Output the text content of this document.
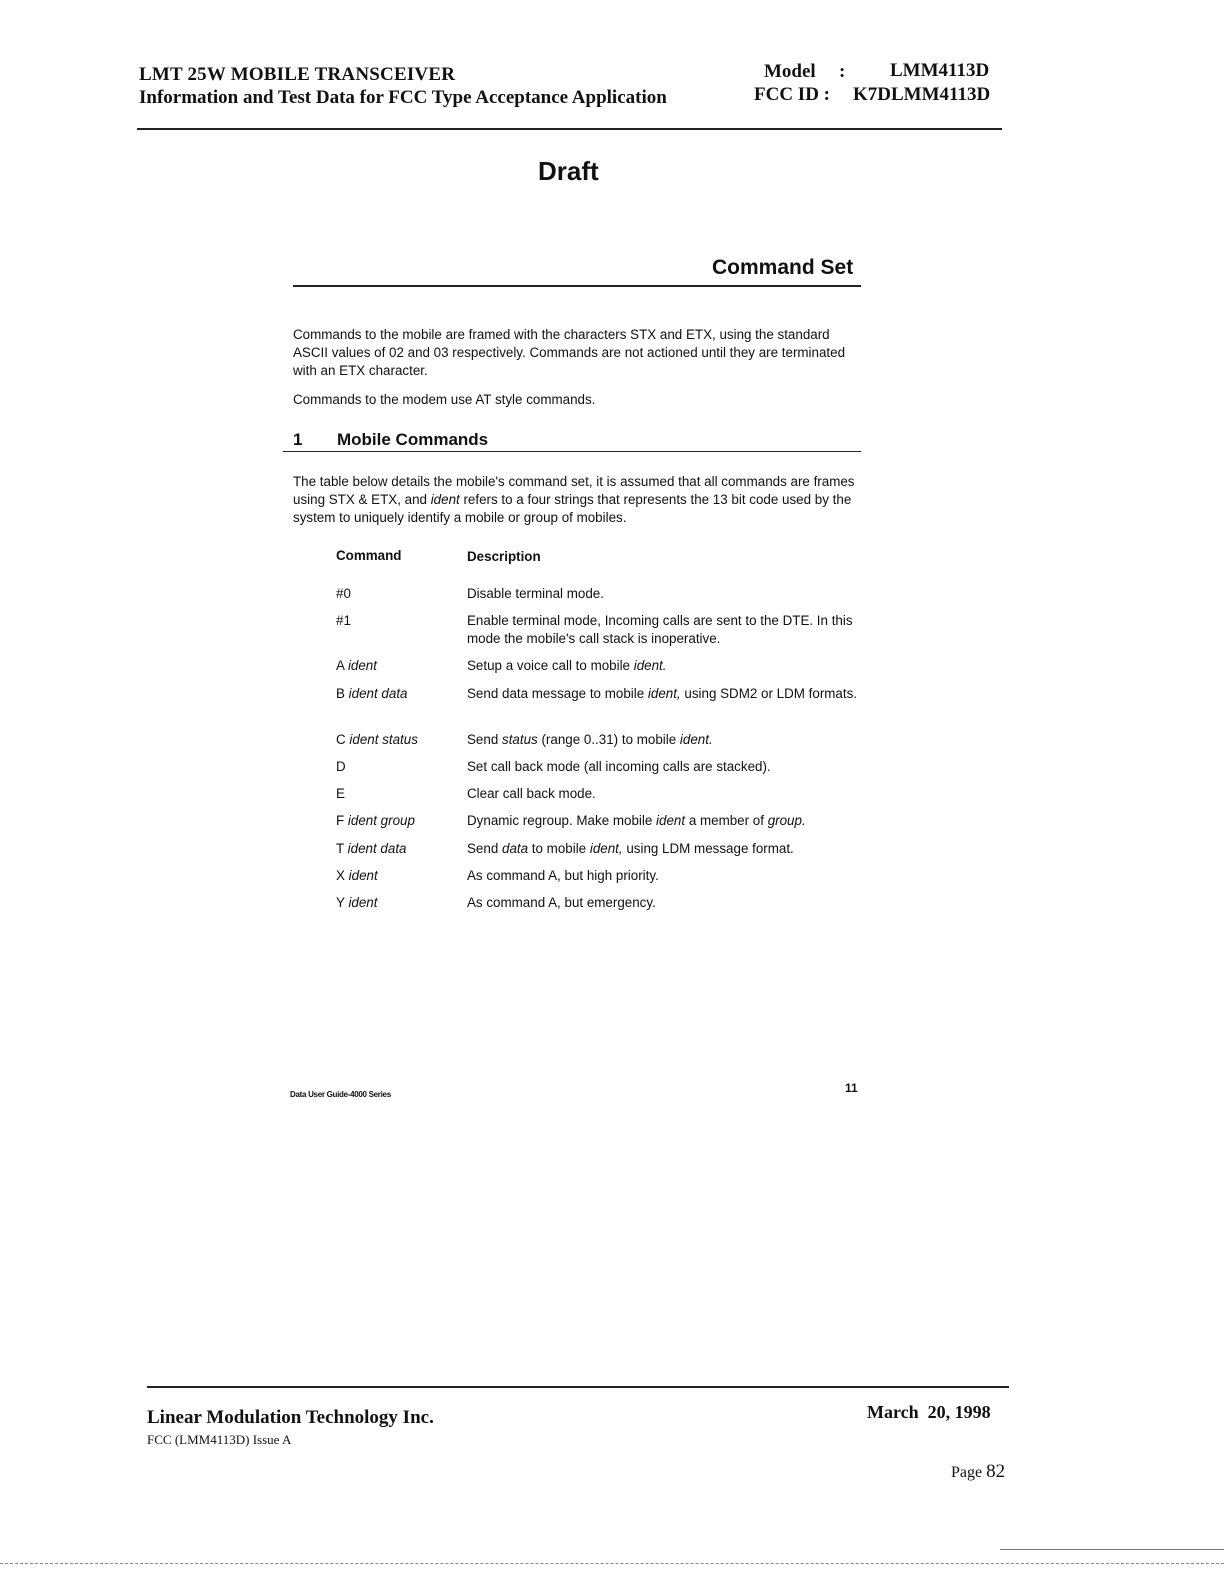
LMT 25W MOBILE TRANSCEIVER
Information and Test Data for FCC Type Acceptance Application
Model : LMM4113D
FCC ID : K7DLMM4113D
Draft
Command Set
Commands to the mobile are framed with the characters STX and ETX, using the standard ASCII values of 02 and 03 respectively. Commands are not actioned until they are terminated with an ETX character.
Commands to the modem use AT style commands.
1 Mobile Commands
The table below details the mobile's command set, it is assumed that all commands are frames using STX & ETX, and ident refers to a four strings that represents the 13 bit code used by the system to uniquely identify a mobile or group of mobiles.
Command	Description
#0	Disable terminal mode.
#1	Enable terminal mode, Incoming calls are sent to the DTE. In this mode the mobile's call stack is inoperative.
A ident	Setup a voice call to mobile ident.
B ident data	Send data message to mobile ident, using SDM2 or LDM formats.
C ident status	Send status (range 0..31) to mobile ident.
D	Set call back mode (all incoming calls are stacked).
E	Clear call back mode.
F ident group	Dynamic regroup. Make mobile ident a member of group.
T ident data	Send data to mobile ident, using LDM message format.
X ident	As command A, but high priority.
Y ident	As command A, but emergency.
Data User Guide-4000 Series	11
Linear Modulation Technology Inc.
FCC (LMM4113D) Issue A
March  20, 1998
Page 82
